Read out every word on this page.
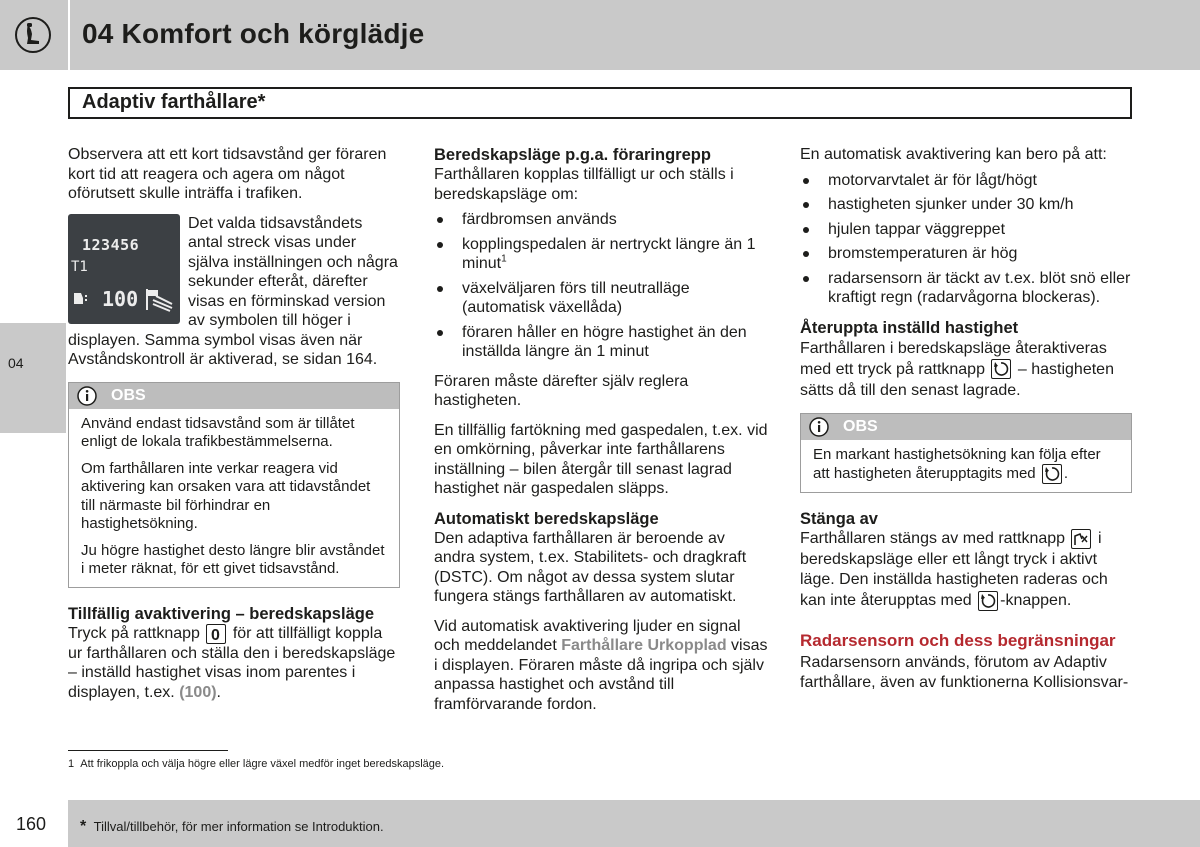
04 Komfort och körglädje
Adaptiv farthållare*
04

Observera att ett kort tidsavstånd ger föraren kort tid att reagera och agera om något oförutsett skulle inträffa i trafiken.

123456
T1
100
Det valda tidsavståndets antal streck visas under själva inställningen och några sekunder efteråt, därefter visas en förminskad version av symbolen till höger i displayen. Samma symbol visas även när Avståndskontroll är aktiverad, se sidan 164.
OBS

Använd endast tidsavstånd som är tillåtet enligt de lokala trafikbestämmelserna.

Om farthållaren inte verkar reagera vid aktivering kan orsaken vara att tidavståndet till närmaste bil förhindrar en hastighetsökning.

Ju högre hastighet desto längre blir avståndet i meter räknat, för ett givet tidsavstånd.

Tillfällig avaktivering – beredskapsläge

Tryck på rattknapp 0 för att tillfälligt koppla ur farthållaren och ställa den i beredskapsläge – inställd hastighet visas inom parentes i displayen, t.ex. (100).

Beredskapsläge p.g.a. föraringrepp

Farthållaren kopplas tillfälligt ur och ställs i beredskapsläge om:

färdbromsen används
kopplingspedalen är nertryckt längre än 1 minut$^1$
växelväljaren förs till neutralläge (automatisk växellåda)
föraren håller en högre hastighet än den inställda längre än 1 minut

Föraren måste därefter själv reglera hastigheten.

En tillfällig fartökning med gaspedalen, t.ex. vid en omkörning, påverkar inte farthållarens inställning – bilen återgår till senast lagrad hastighet när gaspedalen släpps.

Automatiskt beredskapsläge

Den adaptiva farthållaren är beroende av andra system, t.ex. Stabilitets- och dragkraft (DSTC). Om något av dessa system slutar fungera stängs farthållaren av automatiskt.

Vid automatisk avaktivering ljuder en signal och meddelandet Farthållare Urkopplad visas i displayen. Föraren måste då ingripa och själv anpassa hastighet och avstånd till framförvarande fordon.

En automatisk avaktivering kan bero på att:

motorvarvtalet är för lågt/högt
hastigheten sjunker under 30 km/h
hjulen tappar väggreppet
bromstemperaturen är hög
radarsensorn är täckt av t.ex. blöt snö eller kraftigt regn (radarvågorna blockeras).
Återuppta inställd hastighet

Farthållaren i beredskapsläge återaktiveras med ett tryck på rattknapp – hastigheten sätts då till den senast lagrade.

OBS

En markant hastighetsökning kan följa efter att hastigheten återupptagits med .

Stänga av

Farthållaren stängs av med rattknapp i beredskapsläge eller ett långt tryck i aktivt läge. Den inställda hastigheten raderas och kan inte återupptas med -knappen.

Radarsensorn och dess begränsningar

Radarsensorn används, förutom av Adaptiv farthållare, även av funktionerna Kollisionsvar-

1 Att frikoppla och välja högre eller lägre växel medför inget beredskapsläge.
160 * Tillval/tillbehör, för mer information se Introduktion.
